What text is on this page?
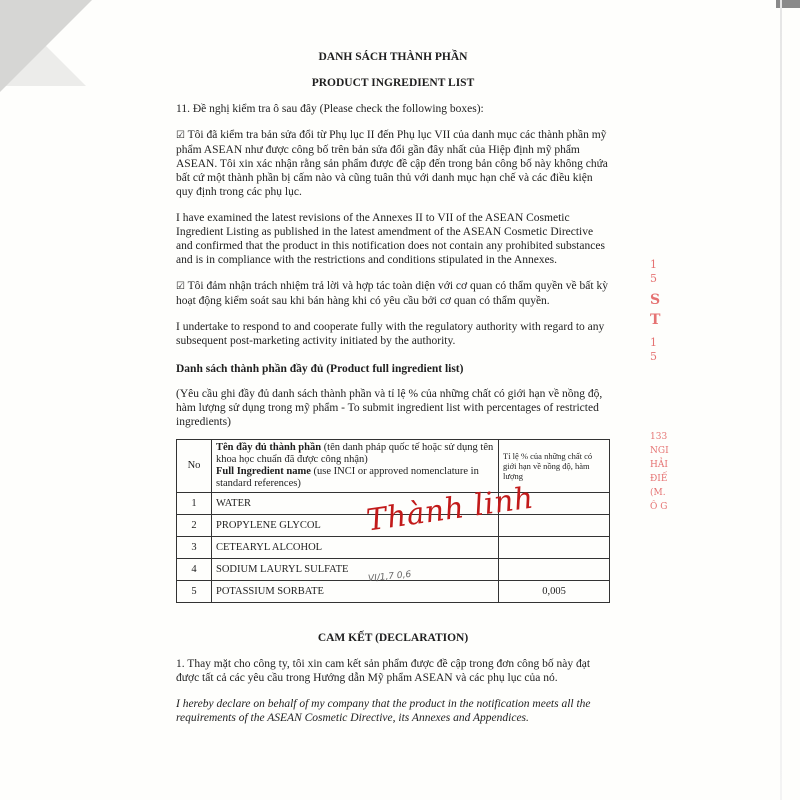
1
5
S
T
1
5
133
NGI
HẢI
ĐIẾ
(M.
Ô G

DANH SÁCH THÀNH PHẦN

PRODUCT INGREDIENT LIST

11. Đề nghị kiểm tra ô sau đây (Please check the following boxes):

☑ Tôi đã kiểm tra bản sửa đổi từ Phụ lục II đến Phụ lục VII của danh mục các thành phần mỹ phẩm ASEAN như được công bố trên bản sửa đổi gần đây nhất của Hiệp định mỹ phẩm ASEAN. Tôi xin xác nhận rằng sản phẩm được đề cập đến trong bản công bố này không chứa bất cứ một thành phần bị cấm nào và cũng tuân thủ với danh mục hạn chế và các điều kiện quy định trong các phụ lục.

I have examined the latest revisions of the Annexes II to VII of the ASEAN Cosmetic Ingredient Listing as published in the latest amendment of the ASEAN Cosmetic Directive and confirmed that the product in this notification does not contain any prohibited substances and is in compliance with the restrictions and conditions stipulated in the Annexes.

☑ Tôi đảm nhận trách nhiệm trả lời và hợp tác toàn diện với cơ quan có thẩm quyền về bất kỳ hoạt động kiểm soát sau khi bán hàng khi có yêu cầu bởi cơ quan có thẩm quyền.

I undertake to respond to and cooperate fully with the regulatory authority with regard to any subsequent post-marketing activity initiated by the authority.

Danh sách thành phần đầy đủ (Product full ingredient list)

(Yêu cầu ghi đầy đủ danh sách thành phần và tỉ lệ % của những chất có giới hạn về nồng độ, hàm lượng sử dụng trong mỹ phẩm - To submit ingredient list with percentages of restricted ingredients)

No	Tên đầy đủ thành phần (tên danh pháp quốc tế hoặc sử dụng tên khoa học chuẩn đã được công nhận)
Full Ingredient name (use INCI or approved nomenclature in standard references)	Tỉ lệ % của những chất có giới hạn về nồng độ, hàm lượng
1	WATER	
2	PROPYLENE GLYCOL	
3	CETEARYL ALCOHOL	
4	SODIUM LAURYL SULFATE	
5	POTASSIUM SORBATE	0,005

CAM KẾT (DECLARATION)

1. Thay mặt cho công ty, tôi xin cam kết sản phẩm được đề cập trong đơn công bố này đạt được tất cả các yêu cầu trong Hướng dẫn Mỹ phẩm ASEAN và các phụ lục của nó.

I hereby declare on behalf of my company that the product in the notification meets all the requirements of the ASEAN Cosmetic Directive, its Annexes and Appendices.

Thành linh
VI/1,7 0,6
